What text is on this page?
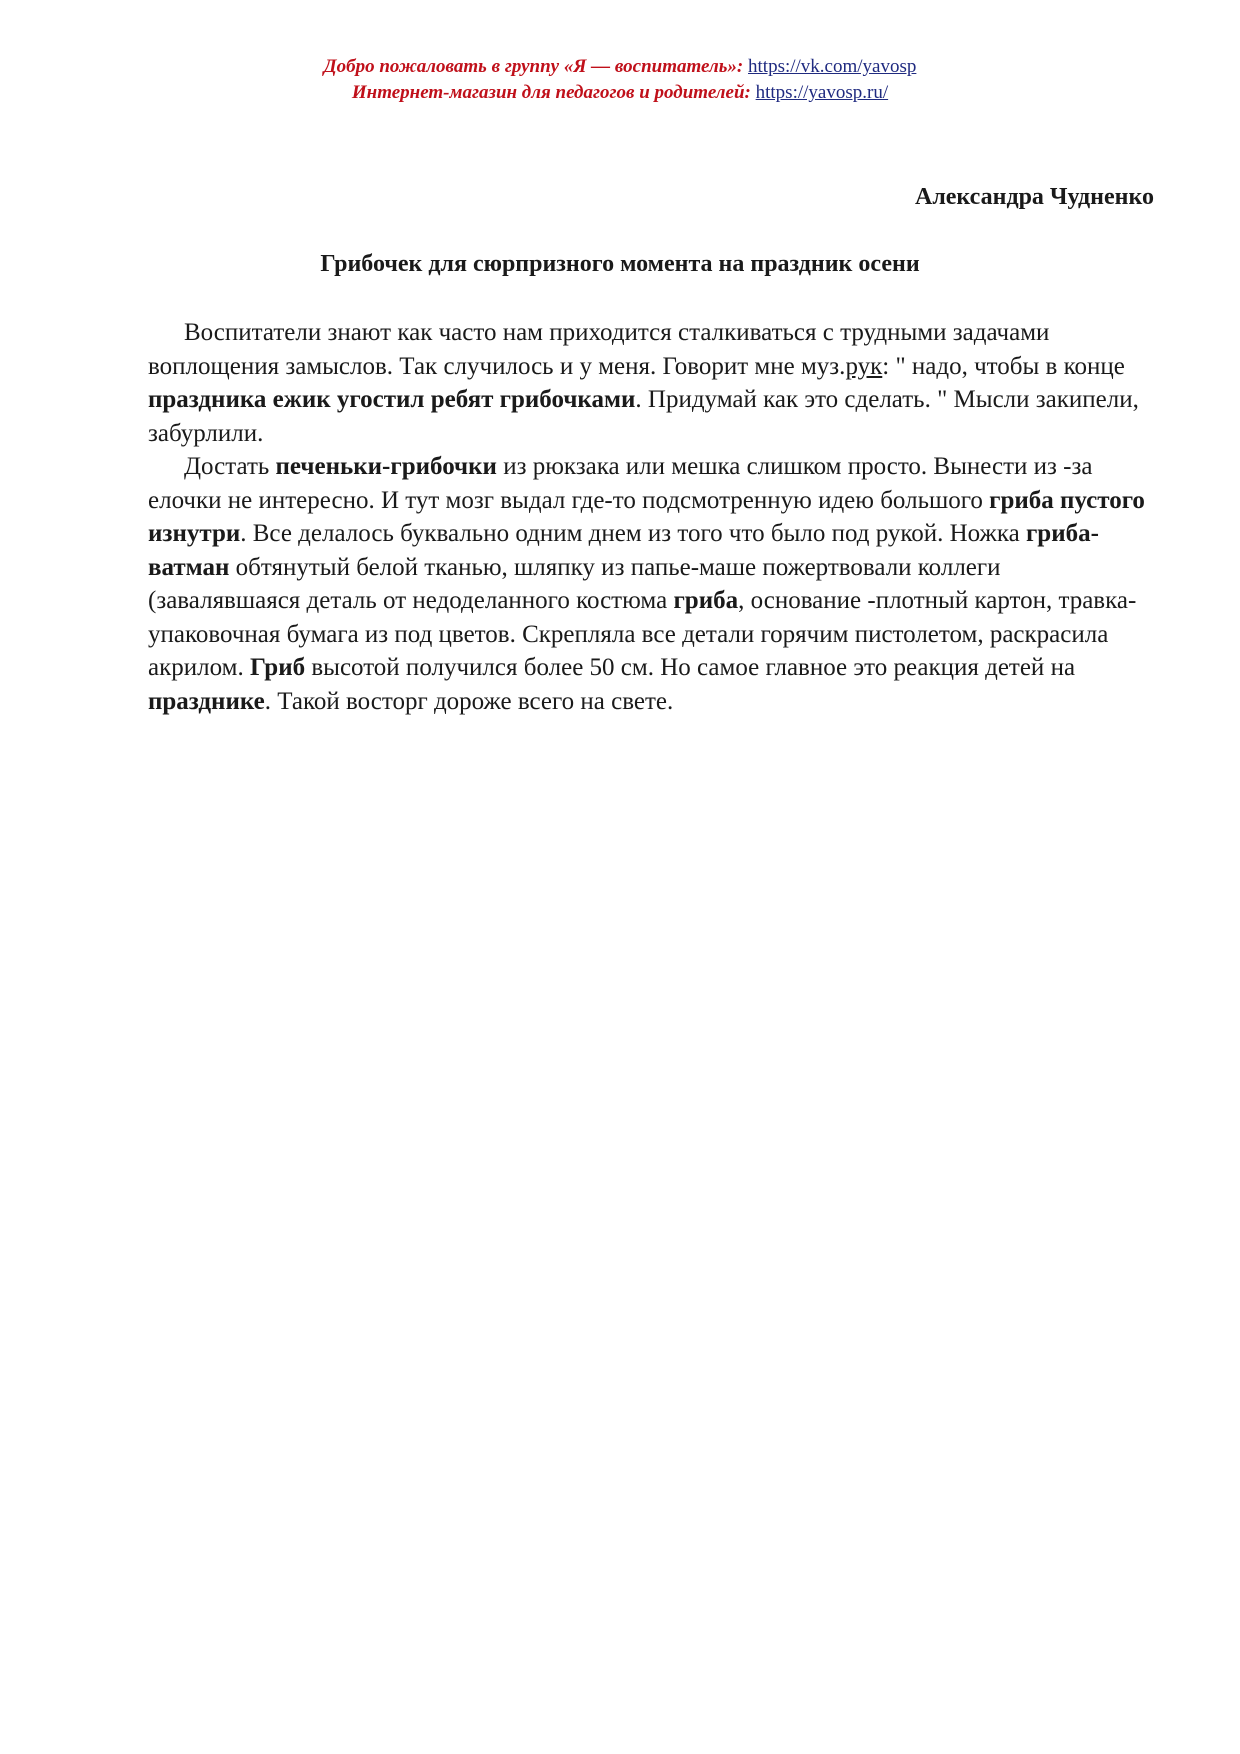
Добро пожаловать в группу «Я — воспитатель»: https://vk.com/yavosp
Интернет-магазин для педагогов и родителей: https://yavosp.ru/
Александра Чудненко
Грибочек для сюрпризного момента на праздник осени

Воспитатели знают как часто нам приходится сталкиваться с трудными задачами воплощения замыслов. Так случилось и у меня. Говорит мне муз.рук: " надо, чтобы в конце праздника ежик угостил ребят грибочками. Придумай как это сделать. " Мысли закипели, забурлили.

Достать печеньки-грибочки из рюкзака или мешка слишком просто. Вынести из -за елочки не интересно. И тут мозг выдал где-то подсмотренную идею большого гриба пустого изнутри. Все делалось буквально одним днем из того что было под рукой. Ножка гриба-ватман обтянутый белой тканью, шляпку из папье-маше пожертвовали коллеги (завалявшаяся деталь от недоделанного костюма гриба, основание -плотный картон, травка-упаковочная бумага из под цветов. Скрепляла все детали горячим пистолетом, раскрасила акрилом. Гриб высотой получился более 50 см. Но самое главное это реакция детей на празднике. Такой восторг дороже всего на свете.
